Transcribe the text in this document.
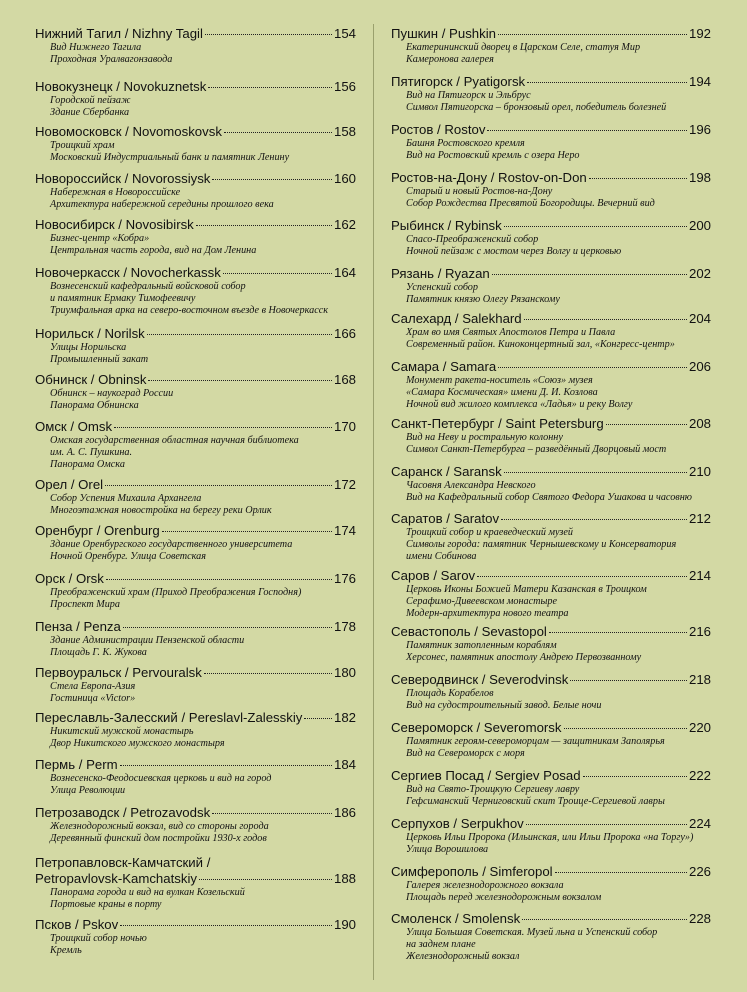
Нижний Тагил / Nizhny Tagil	154
Вид Нижнего Тагила
Проходная Уралвагонзавода
Новокузнецк / Novokuznetsk	156
Городской пейзаж
Здание Сбербанка
Новомосковск / Novomoskovsk	158
Троицкий храм
Московский Индустриальный банк и памятник Ленину
Новороссийск / Novorossiysk	160
Набережная в Новороссийске
Архитектура набережной середины прошлого века
Новосибирск / Novosibirsk	162
Бизнес-центр «Кобра»
Центральная часть города, вид на Дом Ленина
Новочеркасск / Novocherkassk	164
Вознесенский кафедральный войсковой собор
и памятник Ермаку Тимофеевичу
Триумфальная арка на северо-восточном въезде в Новочеркасск
Норильск / Norilsk	166
Улицы Норильска
Промышленный закат
Обнинск / Obninsk	168
Обнинск – наукоград России
Панорама Обнинска
Омск / Omsk	170
Омская государственная областная научная библиотека
им. А. С. Пушкина.
Панорама Омска
Орел / Orel	172
Собор Успения Михаила Архангела
Многоэтажная новостройка на берегу реки Орлик
Оренбург / Orenburg	174
Здание Оренбургского государственного университета
Ночной Оренбург. Улица Советская
Орск / Orsk	176
Преображенский храм (Приход Преображения Господня)
Проспект Мира
Пенза / Penza	178
Здание Администрации Пензенской области
Площадь Г. К. Жукова
Первоуральск / Pervouralsk	180
Стела Европа-Азия
Гостиница «Victor»
Переславль-Залесский / Pereslavl-Zalesskiy 182
Никитский мужской монастырь
Двор Никитского мужского монастыря
Пермь / Perm	184
Вознесенско-Феодосиевская церковь и вид на город
Улица Революции
Петрозаводск / Petrozavodsk	186
Железнодорожный вокзал, вид со стороны города
Деревянный финский дом постройки 1930-х годов
Петропавловск-Камчатский /
Petropavlovsk-Kamchatskiy	188
Панорама города и вид на вулкан Козельский
Портовые краны в порту
Псков / Pskov	190
Троицкий собор ночью
Кремль
Пушкин / Pushkin	192
Екатерининский дворец в Царском Селе, статуя Мир
Камеронова галерея
Пятигорск / Pyatigorsk	194
Вид на Пятигорск и Эльбрус
Символ Пятигорска – бронзовый орел, победитель болезней
Ростов / Rostov	196
Башня Ростовского кремля
Вид на Ростовский кремль с озера Неро
Ростов-на-Дону / Rostov-on-Don	198
Старый и новый Ростов-на-Дону
Собор Рождества Пресвятой Богородицы. Вечерний вид
Рыбинск / Rybinsk	200
Спасо-Преображенский собор
Ночной пейзаж с мостом через Волгу и церковью
Рязань / Ryazan	202
Успенский собор
Памятник князю Олегу Рязанскому
Салехард / Salekhard	204
Храм во имя Святых Апостолов Петра и Павла
Современный район. Киноконцертный зал, «Конгресс-центр»
Самара / Samara	206
Монумент ракета-носитель «Союз» музея
«Самара Космическая» имени Д. И. Козлова
Ночной вид жилого комплекса «Ладья» и реку Волгу
Санкт-Петербург / Saint Petersburg	208
Вид на Неву и ростральную колонну
Символ Санкт-Петербурга – разведённый Дворцовый мост
Саранск / Saransk	210
Часовня Александра Невского
Вид на Кафедральный собор Святого Федора Ушакова и часовню
Саратов / Saratov	212
Троицкий собор и краеведческий музей
Символы города: памятник Чернышевскому и Консерватория
имени Собинова
Саров / Sarov	214
Церковь Иконы Божией Матери Казанская в Троицком
Серафимо-Дивеевском монастыре
Модерн-архитектура нового театра
Севастополь / Sevastopol	216
Памятник затопленным кораблям
Херсонес, памятник апостолу Андрею Первозванному
Северодвинск / Severodvinsk	218
Площадь Корабелов
Вид на судостроительный завод. Белые ночи
Североморск / Severomorsk	220
Памятник героям-североморцам — защитникам Заполярья
Вид на Североморск с моря
Сергиев Посад / Sergiev Posad	222
Вид на Свято-Троицкую Сергиеву лавру
Гефсиманский Черниговский скит Троице-Сергиевой лавры
Серпухов / Serpukhov	224
Церковь Ильи Пророка (Ильинская, или Ильи Пророка «на Торгу»)
Улица Ворошилова
Симферополь / Simferopol	226
Галерея железнодорожного вокзала
Площадь перед железнодорожным вокзалом
Смоленск / Smolensk	228
Улица Большая Советская. Музей льна и Успенский собор
на заднем плане
Железнодорожный вокзал
